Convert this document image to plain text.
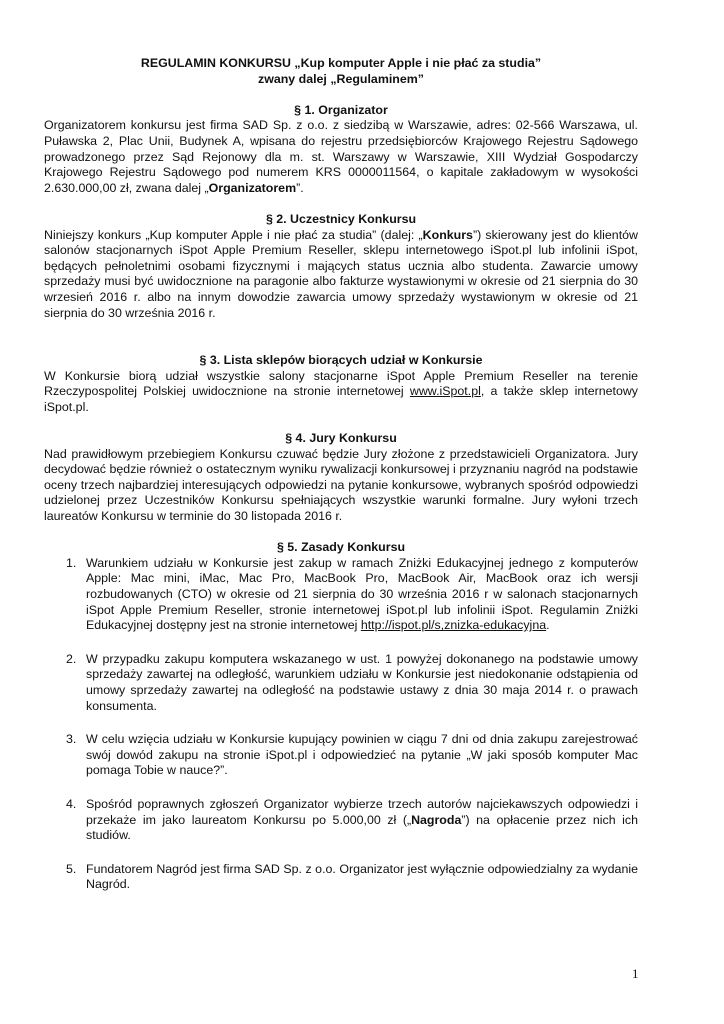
REGULAMIN KONKURSU „Kup komputer Apple i nie płać za studia”

zwany dalej „Regulaminem”

§ 1. Organizator

Organizatorem konkursu jest firma SAD Sp. z o.o. z siedzibą w Warszawie, adres: 02-566 Warszawa, ul. Puławska 2, Plac Unii, Budynek A, wpisana do rejestru przedsiębiorców Krajowego Rejestru Sądowego prowadzonego przez Sąd Rejonowy dla m. st. Warszawy w Warszawie, XIII Wydział Gospodarczy Krajowego Rejestru Sądowego pod numerem KRS 0000011564, o kapitale zakładowym w wysokości 2.630.000,00 zł, zwana dalej „Organizatorem”.

§ 2. Uczestnicy Konkursu

Niniejszy konkurs „Kup komputer Apple i nie płać za studia” (dalej: „Konkurs”) skierowany jest do klientów salonów stacjonarnych iSpot Apple Premium Reseller, sklepu internetowego iSpot.pl lub infolinii iSpot, będących pełnoletnimi osobami fizycznymi i mających status ucznia albo studenta. Zawarcie umowy sprzedaży musi być uwidocznione na paragonie albo fakturze wystawionymi w okresie od 21 sierpnia do 30 wrzesień 2016 r. albo na innym dowodzie zawarcia umowy sprzedaży wystawionym w okresie od 21 sierpnia do 30 września 2016 r.

§ 3. Lista sklepów biorących udział w Konkursie

W Konkursie biorą udział wszystkie salony stacjonarne iSpot Apple Premium Reseller na terenie Rzeczypospolitej Polskiej uwidocznione na stronie internetowej www.iSpot.pl, a także sklep internetowy iSpot.pl.

§ 4. Jury Konkursu

Nad prawidłowym przebiegiem Konkursu czuwać będzie Jury złożone z przedstawicieli Organizatora. Jury decydować będzie również o ostatecznym wyniku rywalizacji konkursowej i przyznaniu nagród na podstawie oceny trzech najbardziej interesujących odpowiedzi na pytanie konkursowe, wybranych spośród odpowiedzi udzielonej przez Uczestników Konkursu spełniających wszystkie warunki formalne. Jury wyłoni trzech laureatów Konkursu w terminie do 30 listopada 2016 r.

§ 5. Zasady Konkursu

1. Warunkiem udziału w Konkursie jest zakup w ramach Zniżki Edukacyjnej jednego z komputerów Apple: Mac mini, iMac, Mac Pro, MacBook Pro, MacBook Air, MacBook oraz ich wersji rozbudowanych (CTO) w okresie od 21 sierpnia do 30 września 2016 r w salonach stacjonarnych iSpot Apple Premium Reseller, stronie internetowej iSpot.pl lub infolinii iSpot. Regulamin Zniżki Edukacyjnej dostępny jest na stronie internetowej http://ispot.pl/s,znizka-edukacyjna.
2. W przypadku zakupu komputera wskazanego w ust. 1 powyżej dokonanego na podstawie umowy sprzedaży zawartej na odległość, warunkiem udziału w Konkursie jest niedokonanie odstąpienia od umowy sprzedaży zawartej na odległość na podstawie ustawy z dnia 30 maja 2014 r. o prawach konsumenta.
3. W celu wzięcia udziału w Konkursie kupujący powinien w ciągu 7 dni od dnia zakupu zarejestrować swój dowód zakupu na stronie iSpot.pl i odpowiedzieć na pytanie „W jaki sposób komputer Mac pomaga Tobie w nauce?”.
4. Spośród poprawnych zgłoszeń Organizator wybierze trzech autorów najciekawszych odpowiedzi i przekaże im jako laureatom Konkursu po 5.000,00 zł („Nagroda”) na opłacenie przez nich ich studiów.
5. Fundatorem Nagród jest firma SAD Sp. z o.o. Organizator jest wyłącznie odpowiedzialny za wydanie Nagród.
1
